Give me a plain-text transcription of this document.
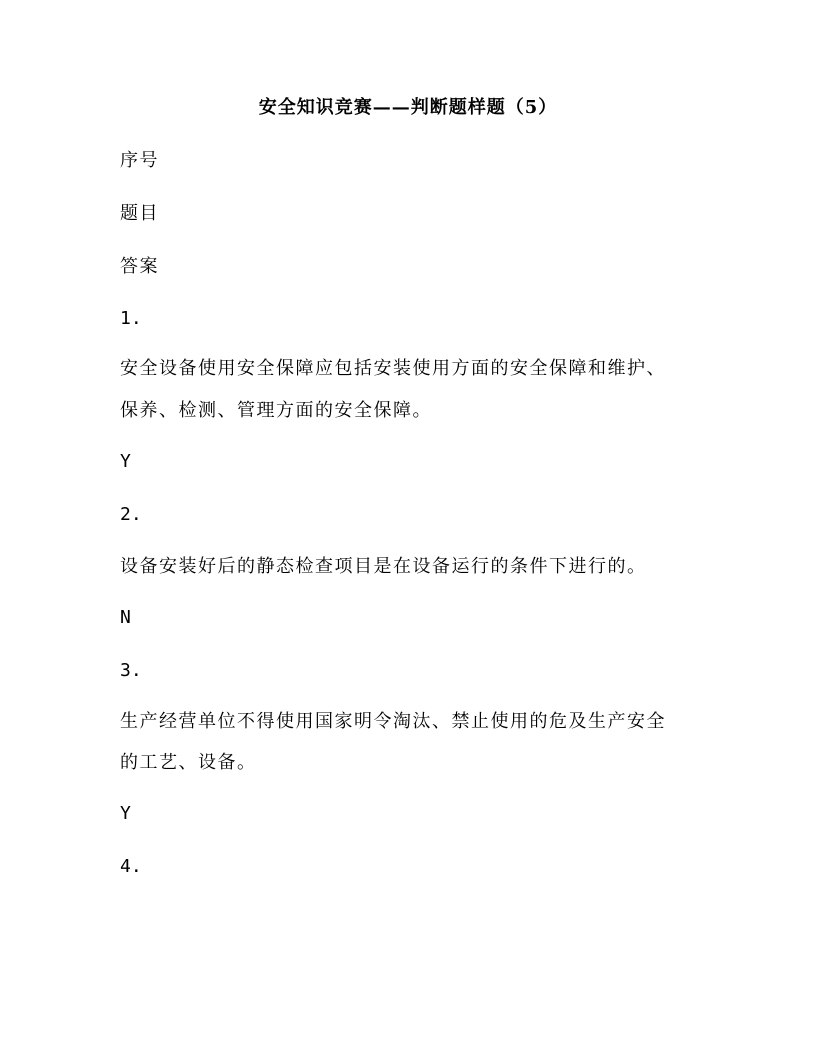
安全知识竞赛——判断题样题（5）
序号
题目
答案
1.
安全设备使用安全保障应包括安装使用方面的安全保障和维护、
保养、检测、管理方面的安全保障。
Y
2.
设备安装好后的静态检查项目是在设备运行的条件下进行的。
N
3.
生产经营单位不得使用国家明令淘汰、禁止使用的危及生产安全
的工艺、设备。
Y
4.
